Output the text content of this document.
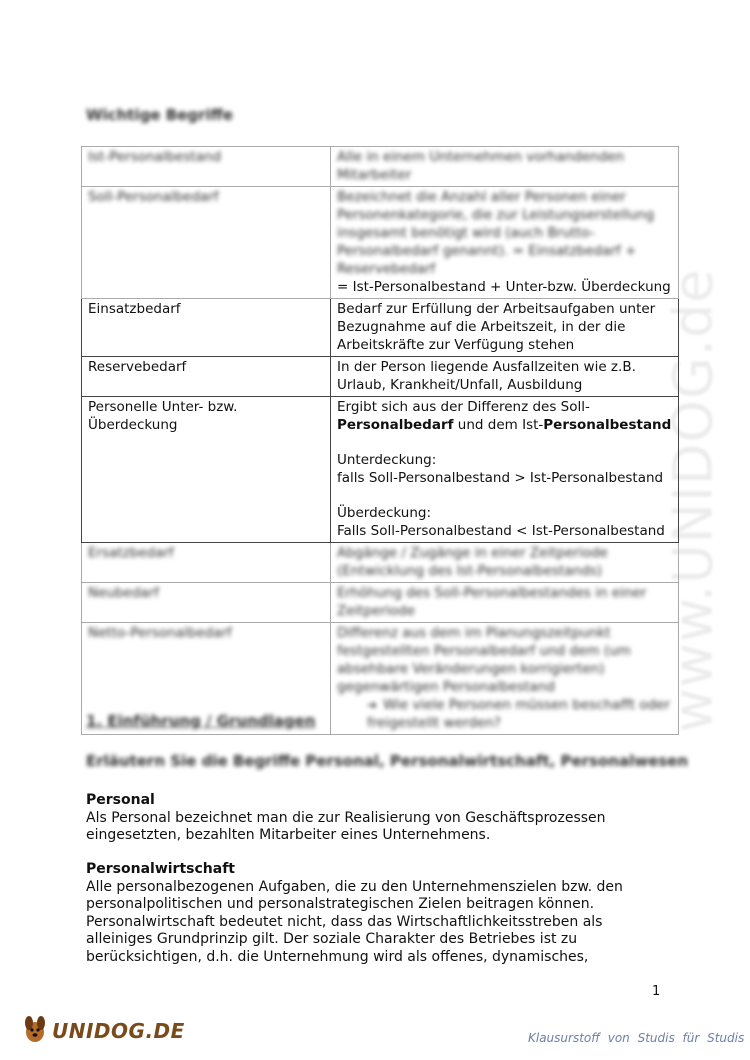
www.UNIDOG.de
Wichtige Begriffe
Ist-Personalbestand	Alle in einem Unternehmen vorhandenden Mitarbeiter

Soll-Personalbedarf	Bezeichnet die Anzahl aller Personen einer Personenkategorie, die zur Leistungserstellung insgesamt benötigt wird (auch Brutto-Personalbedarf genannt). = Einsatzbedarf + Reservebedarf
= Ist-Personalbestand + Unter-bzw. Überdeckung

Einsatzbedarf	Bedarf zur Erfüllung der Arbeitsaufgaben unter Bezugnahme auf die Arbeitszeit, in der die Arbeitskräfte zur Verfügung stehen
Reservebedarf	In der Person liegende Ausfallzeiten wie z.B. Urlaub, Krankheit/Unfall, Ausbildung
Personelle Unter- bzw. Überdeckung	Ergibt sich aus der Differenz des Soll-Personalbedarf und dem Ist-Personalbestand
Unterdeckung:
falls Soll-Personalbestand > Ist-Personalbestand
Überdeckung:
Falls Soll-Personalbestand < Ist-Personalbestand

Ersatzbedarf	Abgänge / Zugänge in einer Zeitperiode (Entwicklung des Ist-Personalbestands)

Neubedarf	Erhöhung des Soll-Personalbestandes in einer Zeitperiode

Netto-Personalbedarf	Differenz aus dem im Planungszeitpunkt festgestellten Personalbedarf und dem (um absehbare Veränderungen korrigierten) gegenwärtigen Personalbestand
➔ Wie viele Personen müssen beschafft oder freigestellt werden?
1. Einführung / Grundlagen
Erläutern Sie die Begriffe Personal, Personalwirtschaft, Personalwesen
Personal
Als Personal bezeichnet man die zur Realisierung von Geschäftsprozessen eingesetzten, bezahlten Mitarbeiter eines Unternehmens.
Personalwirtschaft
Alle personalbezogenen Aufgaben, die zu den Unternehmenszielen bzw. den personalpolitischen und personalstrategischen Zielen beitragen können. Personalwirtschaft bedeutet nicht, dass das Wirtschaftlichkeitsstreben als alleiniges Grundprinzip gilt. Der soziale Charakter des Betriebes ist zu berücksichtigen, d.h. die Unternehmung wird als offenes, dynamisches,
1
UNIDOG.DE	Klausurstoff von Studis für Studis
